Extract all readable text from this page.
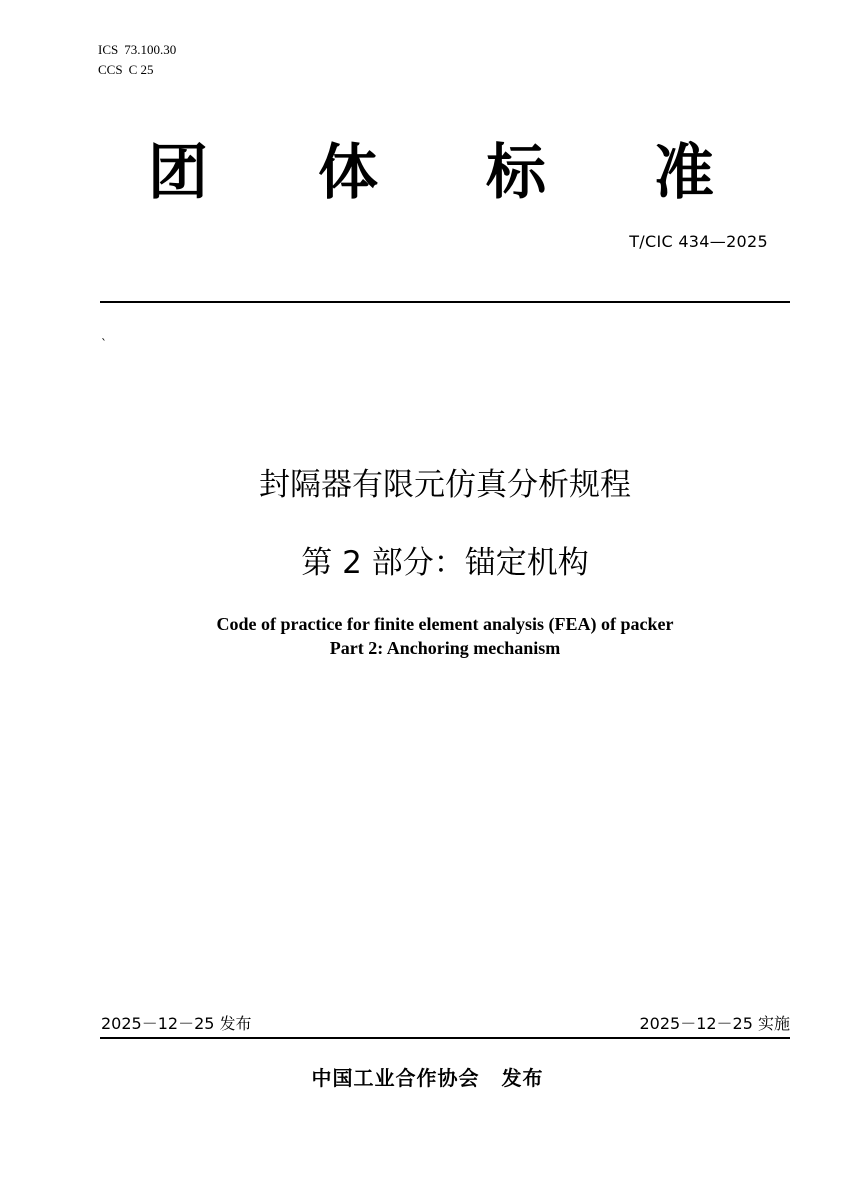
ICS 73.100.30
CCS C 25
团 体 标 准
T/CIC 434—2025
`
封隔器有限元仿真分析规程
第 2 部分：锚定机构
Code of practice for finite element analysis (FEA) of packer
Part 2: Anchoring mechanism
2025－12－25 发布	2025－12－25 实施
中国工业合作协会 发布
